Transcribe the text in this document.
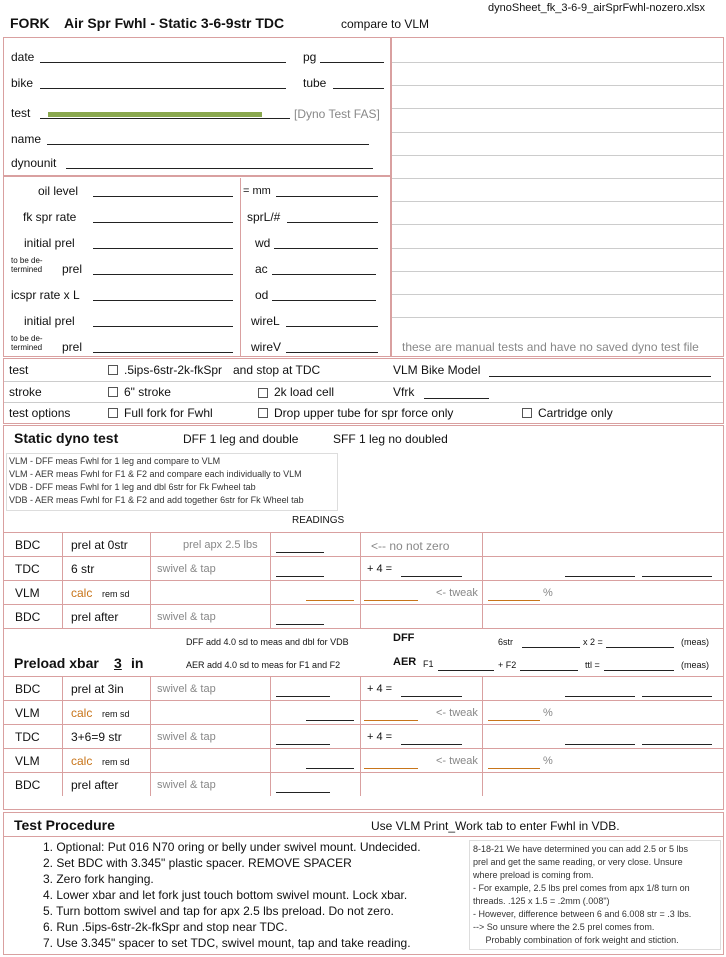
FORK Air Spr Fwhl - Static 3-6-9str TDC	compare to VLM
dynoSheet_fk_3-6-9_airSprFwhl-nozero.xlsx
date	pg
bike	tube
test	[Dyno Test FAS]
name
dynounit
these are manual tests and have no saved dyno test file
oil level	= mm
fk spr rate	sprL/#
initial prel	wd
to be de-
termined prel	ac
icspr rate x L	od
initial prel	wireL
to be de-
termined prel	wireV
test	.5ips-6str-2k-fkSpr and stop at TDC	VLM Bike Model
stroke	6" stroke	2k load cell	Vfrk
test options	Full fork for Fwhl	Drop upper tube for spr force only	Cartridge only
Static dyno test	DFF 1 leg and double	SFF 1 leg no doubled
VLM - DFF meas Fwhl for 1 leg and compare to VLM
VLM - AER meas Fwhl for F1 & F2 and compare each individually to VLM
VDB - DFF meas Fwhl for 1 leg and dbl 6str for Fk Fwheel tab
VDB - AER meas Fwhl for F1 & F2 and add together 6str for Fk Wheel tab
READINGS
BDC	prel at 0str	prel apx 2.5 lbs	<-- no not zero
TDC	6 str	swivel & tap	+ 4 =
VLM	calc rem sd	<- tweak	%
BDC	prel after	swivel & tap
DFF add 4.0 sd to meas and dbl for VDB	DFF	6str	x 2 =	(meas)
Preload xbar 3 in	AER add 4.0 sd to meas for F1 and F2	AER F1	+ F2	ttl =	(meas)
BDC	prel at 3in	swivel & tap	+ 4 =
VLM	calc rem sd	<- tweak	%
TDC	3+6=9 str	swivel & tap	+ 4 =
VLM	calc rem sd	<- tweak	%
BDC	prel after	swivel & tap
Test Procedure	Use VLM Print_Work tab to enter Fwhl in VDB.
1. Optional: Put 016 N70 oring or belly under swivel mount. Undecided.
2. Set BDC with 3.345" plastic spacer. REMOVE SPACER
3. Zero fork hanging.
4. Lower xbar and let fork just touch bottom swivel mount. Lock xbar.
5. Turn bottom swivel and tap for apx 2.5 lbs preload. Do not zero.
6. Run .5ips-6str-2k-fkSpr and stop near TDC.
7. Use 3.345" spacer to set TDC, swivel mount, tap and take reading.
8-18-21 We have determined you can add 2.5 or 5 lbs
prel and get the same reading, or very close. Unsure
where preload is coming from.
- For example, 2.5 lbs prel comes from apx 1/8 turn on
threads. .125 x 1.5 = .2mm (.008")
- However, difference between 6 and 6.008 str = .3 lbs.
--> So unsure where the 2.5 prel comes from.
Probably combination of fork weight and stiction.
